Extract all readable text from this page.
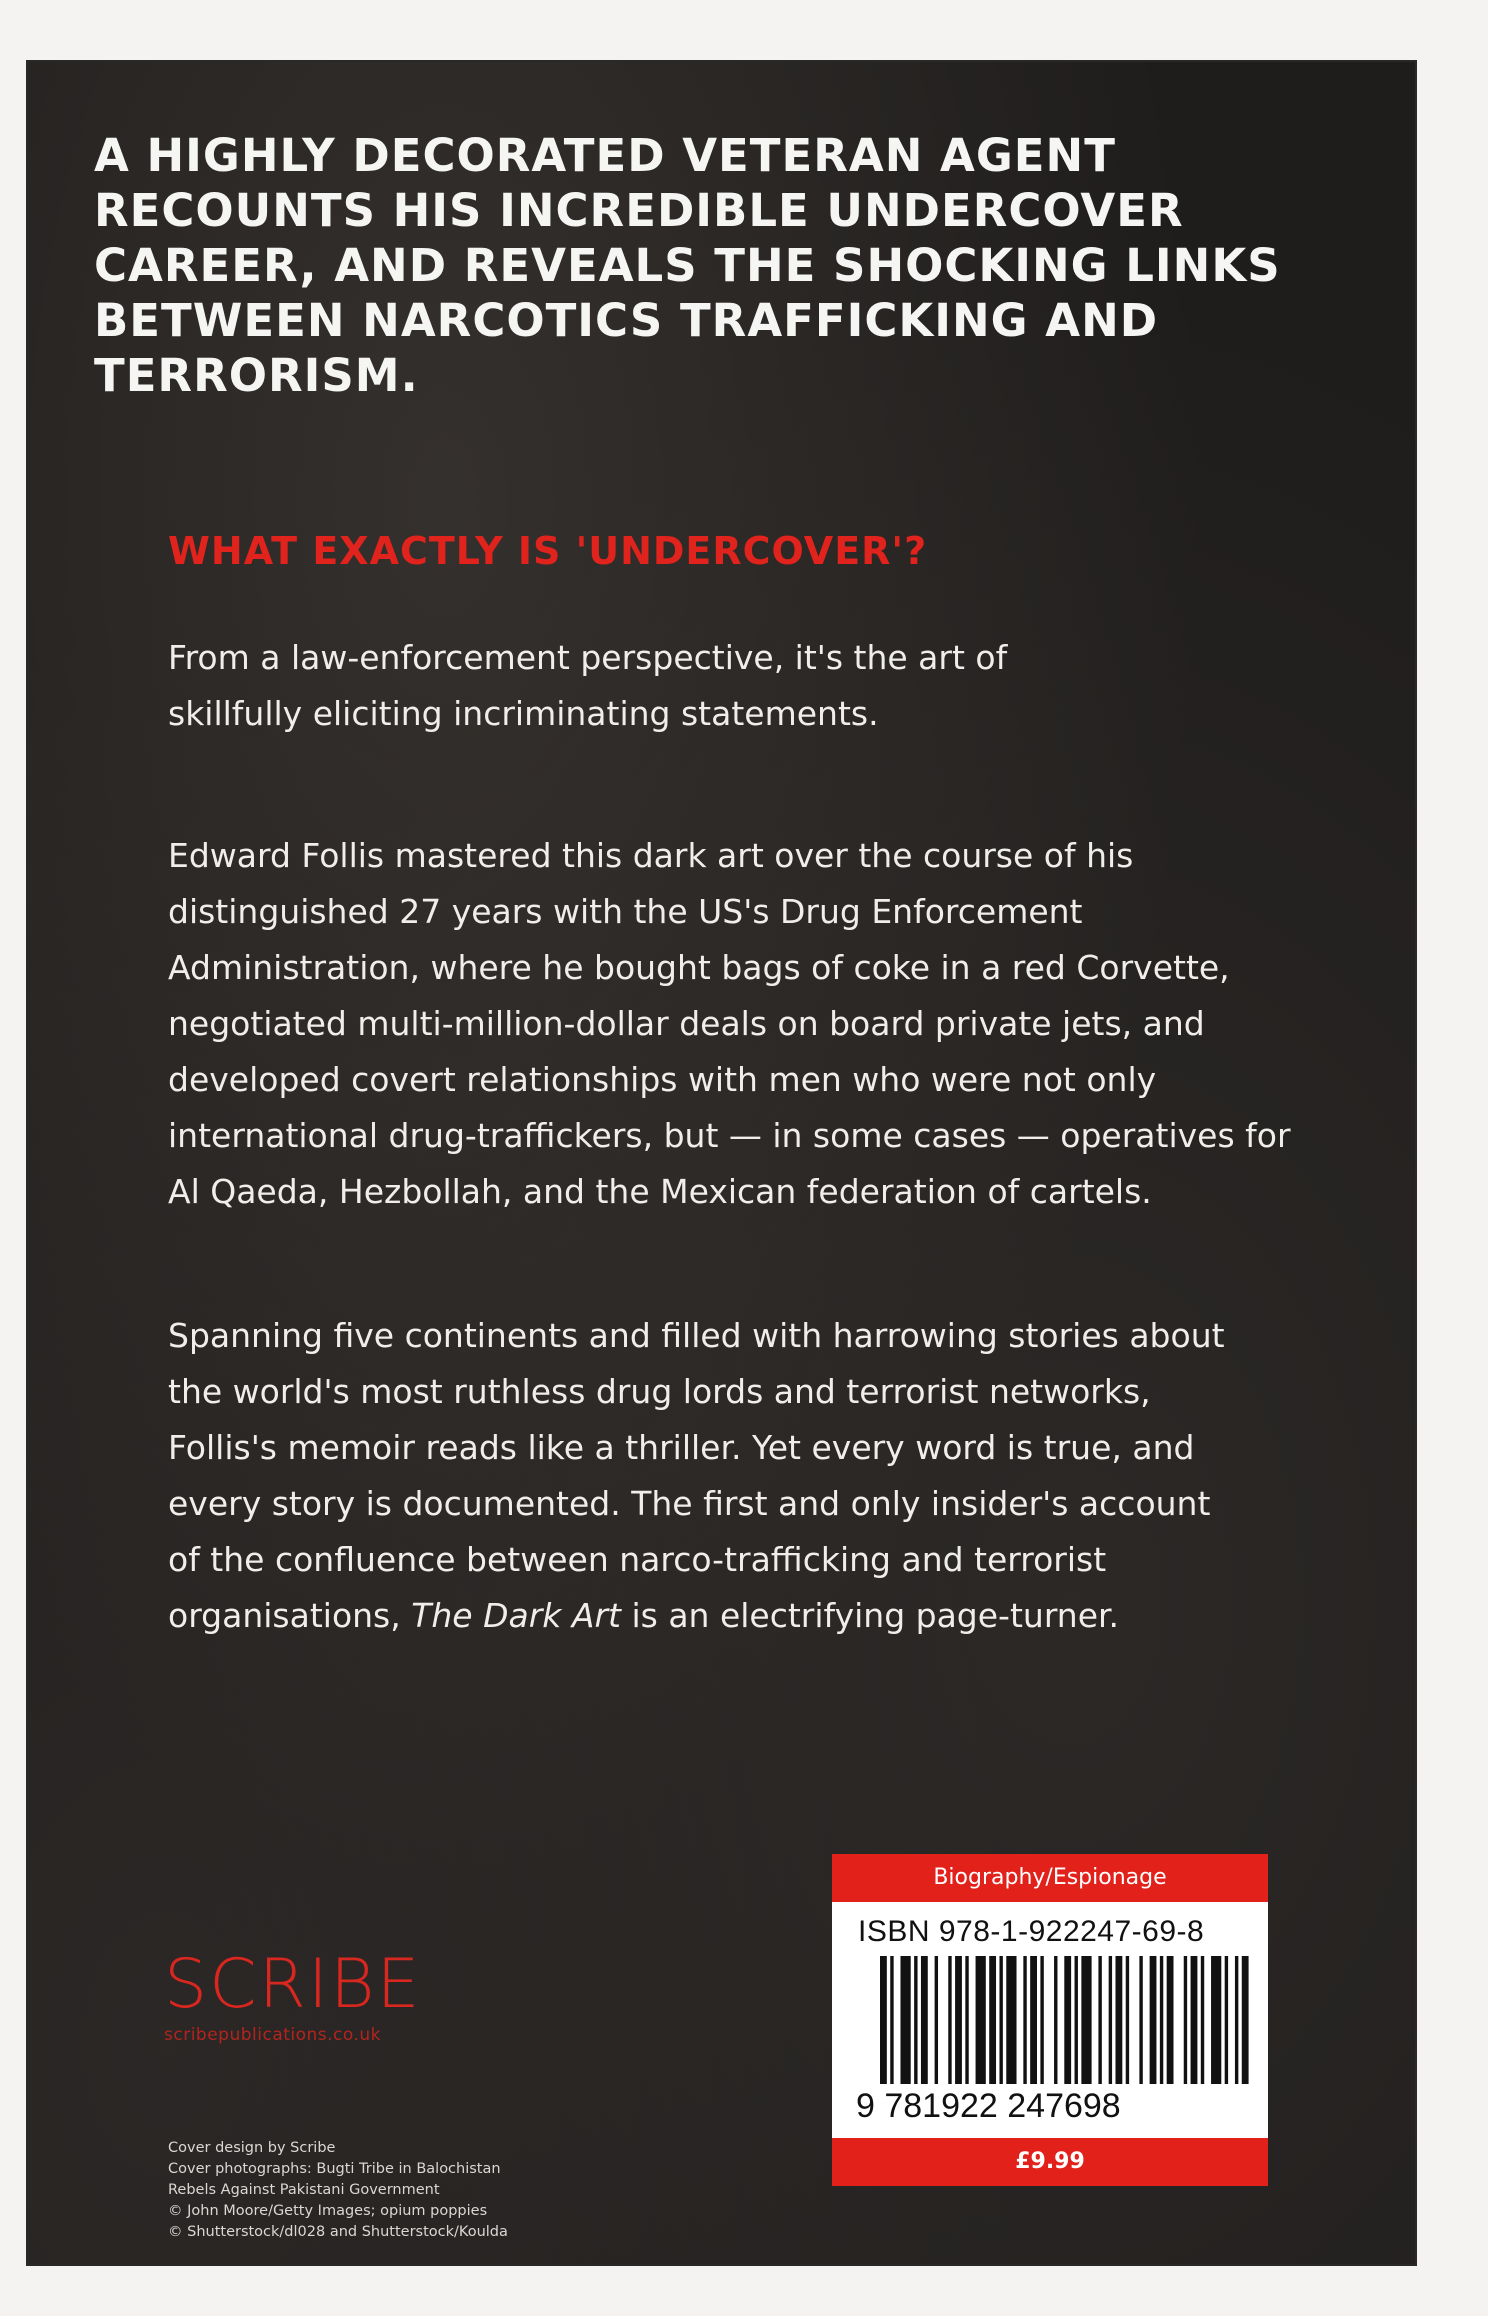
A HIGHLY DECORATED VETERAN AGENT RECOUNTS HIS INCREDIBLE UNDERCOVER CAREER, AND REVEALS THE SHOCKING LINKS BETWEEN NARCOTICS TRAFFICKING AND TERRORISM.
WHAT EXACTLY IS 'UNDERCOVER'?

From a law-enforcement perspective, it's the art of skillfully eliciting incriminating statements.

Edward Follis mastered this dark art over the course of his distinguished 27 years with the US's Drug Enforcement Administration, where he bought bags of coke in a red Corvette, negotiated multi-million-dollar deals on board private jets, and developed covert relationships with men who were not only international drug-traffickers, but — in some cases — operatives for Al Qaeda, Hezbollah, and the Mexican federation of cartels.

Spanning five continents and filled with harrowing stories about the world's most ruthless drug lords and terrorist networks, Follis's memoir reads like a thriller. Yet every word is true, and every story is documented. The first and only insider's account of the confluence between narco-trafficking and terrorist organisations, The Dark Art is an electrifying page-turner.

SCRIBE

scribepublications.co.uk

Cover design by Scribe
Cover photographs: Bugti Tribe in Balochistan
Rebels Against Pakistani Government
© John Moore/Getty Images; opium poppies
© Shutterstock/dl028 and Shutterstock/Koulda
Biography/Espionage

ISBN 978-1-922247-69-8

9 781922 247698

£9.99
